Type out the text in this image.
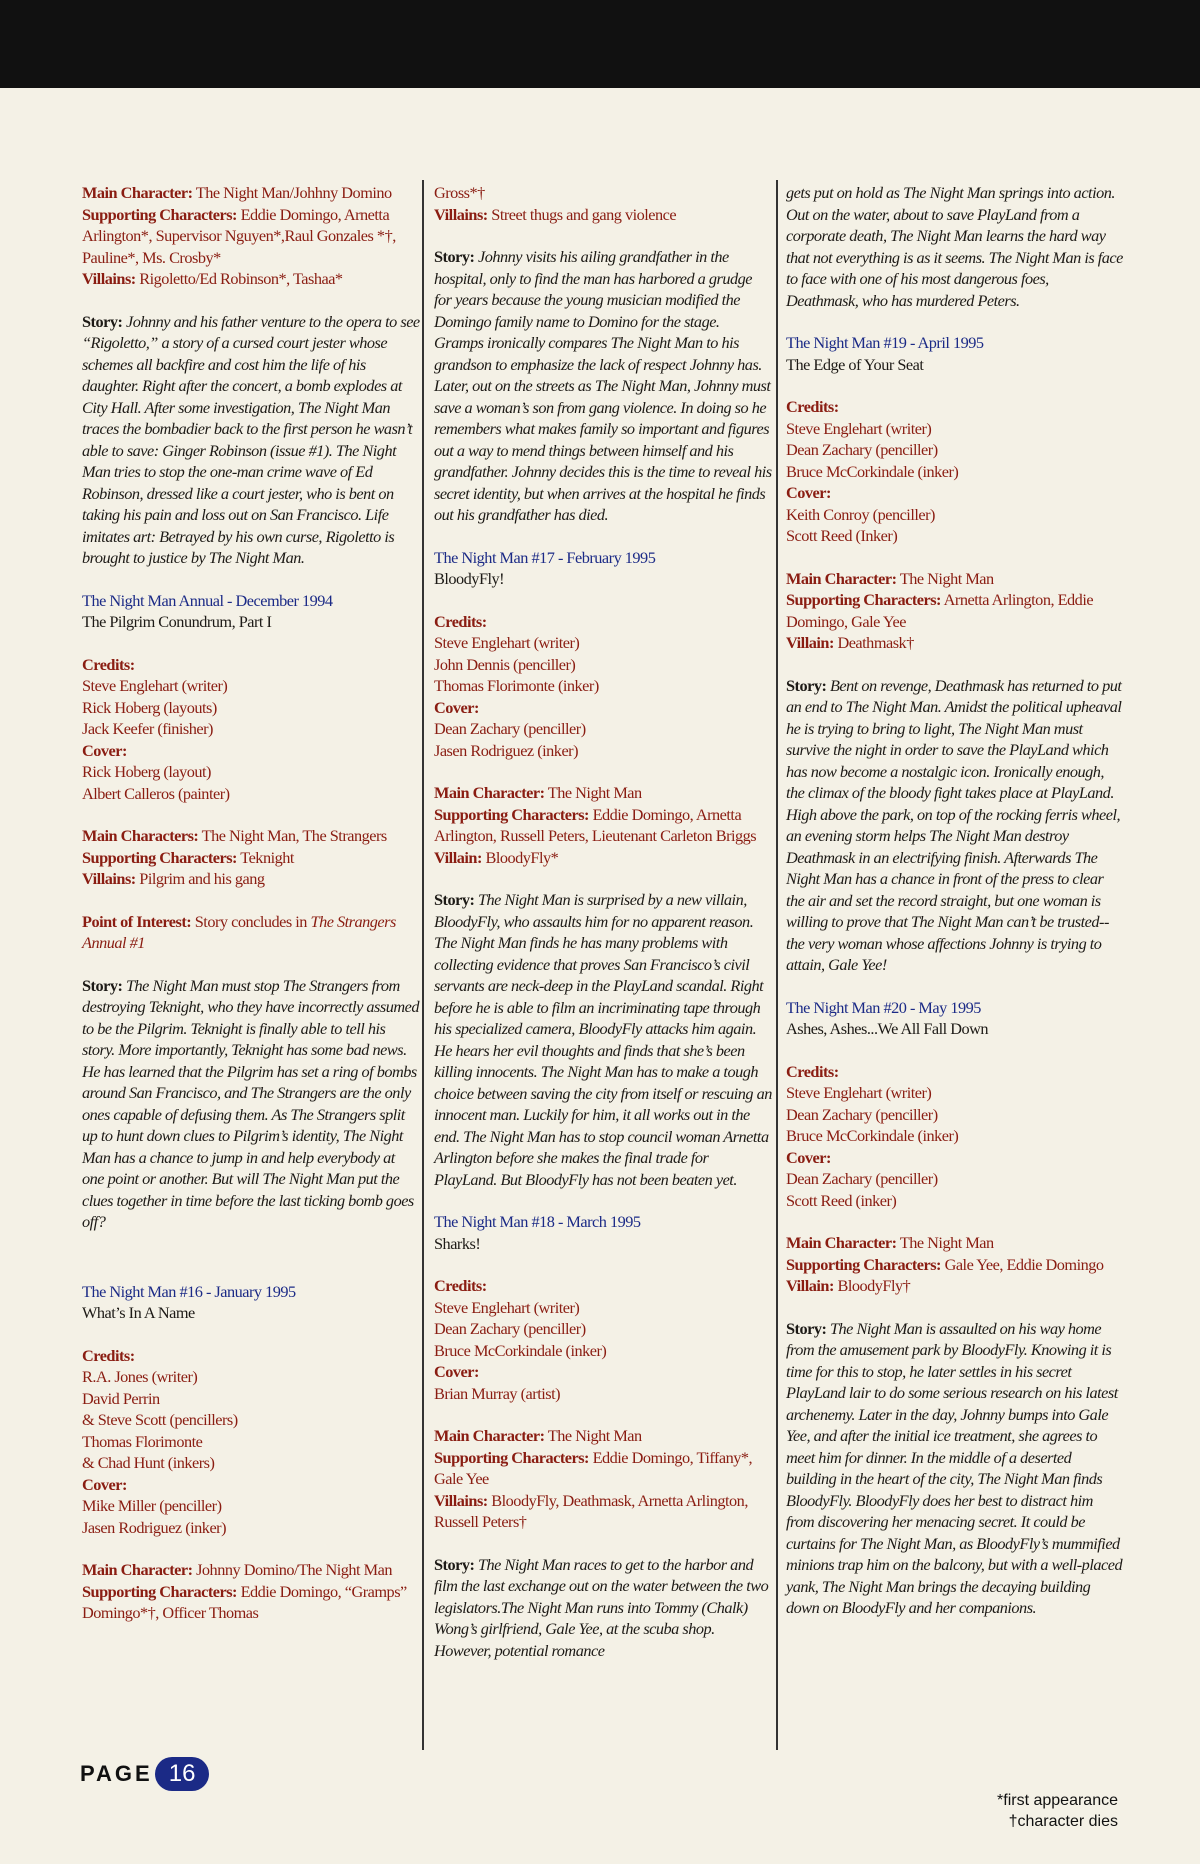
Main Character: The Night Man/Johhny Domino
Supporting Characters: Eddie Domingo, Arnetta Arlington*, Supervisor Nguyen*,Raul Gonzales *†, Pauline*, Ms. Crosby*
Villains: Rigoletto/Ed Robinson*, Tashaa*
Story: Johnny and his father venture to the opera to see “Rigoletto,” a story of a cursed court jester whose schemes all backfire and cost him the life of his daughter. Right after the concert, a bomb explodes at City Hall. After some investigation, The Night Man traces the bombadier back to the first person he wasn’t able to save: Ginger Robinson (issue #1). The Night Man tries to stop the one-man crime wave of Ed Robinson, dressed like a court jester, who is bent on taking his pain and loss out on San Francisco. Life imitates art: Betrayed by his own curse, Rigoletto is brought to justice by The Night Man.
The Night Man Annual - December 1994
The Pilgrim Conundrum, Part I
Credits:
Steve Englehart (writer)
Rick Hoberg (layouts)
Jack Keefer (finisher)
Cover:
Rick Hoberg (layout)
Albert Calleros (painter)
Main Characters: The Night Man, The Strangers
Supporting Characters: Teknight
Villains: Pilgrim and his gang
Point of Interest: Story concludes in The Strangers Annual #1
Story: The Night Man must stop The Strangers from destroying Teknight, who they have incorrectly assumed to be the Pilgrim. Teknight is finally able to tell his story. More importantly, Teknight has some bad news. He has learned that the Pilgrim has set a ring of bombs around San Francisco, and The Strangers are the only ones capable of defusing them. As The Strangers split up to hunt down clues to Pilgrim’s identity, The Night Man has a chance to jump in and help everybody at one point or another. But will The Night Man put the clues together in time before the last ticking bomb goes off?
The Night Man #16 - January 1995
What’s In A Name
Credits:
R.A. Jones (writer)
David Perrin
& Steve Scott (pencillers)
Thomas Florimonte
& Chad Hunt (inkers)
Cover:
Mike Miller (penciller)
Jasen Rodriguez (inker)
Main Character: Johnny Domino/The Night Man
Supporting Characters: Eddie Domingo, “Gramps” Domingo*†, Officer Thomas
Gross*†
Villains: Street thugs and gang violence
Story: Johnny visits his ailing grandfather in the hospital, only to find the man has harbored a grudge for years because the young musician modified the Domingo family name to Domino for the stage. Gramps ironically compares The Night Man to his grandson to emphasize the lack of respect Johnny has. Later, out on the streets as The Night Man, Johnny must save a woman’s son from gang violence. In doing so he remembers what makes family so important and figures out a way to mend things between himself and his grandfather. Johnny decides this is the time to reveal his secret identity, but when arrives at the hospital he finds out his grandfather has died.
The Night Man #17 - February 1995
BloodyFly!
Credits:
Steve Englehart (writer)
John Dennis (penciller)
Thomas Florimonte (inker)
Cover:
Dean Zachary (penciller)
Jasen Rodriguez (inker)
Main Character: The Night Man
Supporting Characters: Eddie Domingo, Arnetta Arlington, Russell Peters, Lieutenant Carleton Briggs
Villain: BloodyFly*
Story: The Night Man is surprised by a new villain, BloodyFly, who assaults him for no apparent reason. The Night Man finds he has many problems with collecting evidence that proves San Francisco’s civil servants are neck-deep in the PlayLand scandal. Right before he is able to film an incriminating tape through his specialized camera, BloodyFly attacks him again. He hears her evil thoughts and finds that she’s been killing innocents. The Night Man has to make a tough choice between saving the city from itself or rescuing an innocent man. Luckily for him, it all works out in the end. The Night Man has to stop council woman Arnetta Arlington before she makes the final trade for PlayLand. But BloodyFly has not been beaten yet.
The Night Man #18 - March 1995
Sharks!
Credits:
Steve Englehart (writer)
Dean Zachary (penciller)
Bruce McCorkindale (inker)
Cover:
Brian Murray (artist)
Main Character: The Night Man
Supporting Characters: Eddie Domingo, Tiffany*, Gale Yee
Villains: BloodyFly, Deathmask, Arnetta Arlington, Russell Peters†
Story: The Night Man races to get to the harbor and film the last exchange out on the water between the two legislators.The Night Man runs into Tommy (Chalk) Wong’s girlfriend, Gale Yee, at the scuba shop. However, potential romance
gets put on hold as The Night Man springs into action. Out on the water, about to save PlayLand from a corporate death, The Night Man learns the hard way that not everything is as it seems. The Night Man is face to face with one of his most dangerous foes, Deathmask, who has murdered Peters.
The Night Man #19 - April 1995
The Edge of Your Seat
Credits:
Steve Englehart (writer)
Dean Zachary (penciller)
Bruce McCorkindale (inker)
Cover:
Keith Conroy (penciller)
Scott Reed (Inker)
Main Character: The Night Man
Supporting Characters: Arnetta Arlington, Eddie Domingo, Gale Yee
Villain: Deathmask†
Story: Bent on revenge, Deathmask has returned to put an end to The Night Man. Amidst the political upheaval he is trying to bring to light, The Night Man must survive the night in order to save the PlayLand which has now become a nostalgic icon. Ironically enough, the climax of the bloody fight takes place at PlayLand. High above the park, on top of the rocking ferris wheel, an evening storm helps The Night Man destroy Deathmask in an electrifying finish. Afterwards The Night Man has a chance in front of the press to clear the air and set the record straight, but one woman is willing to prove that The Night Man can’t be trusted--the very woman whose affections Johnny is trying to attain, Gale Yee!
The Night Man #20 - May 1995
Ashes, Ashes...We All Fall Down
Credits:
Steve Englehart (writer)
Dean Zachary (penciller)
Bruce McCorkindale (inker)
Cover:
Dean Zachary (penciller)
Scott Reed (inker)
Main Character: The Night Man
Supporting Characters: Gale Yee, Eddie Domingo
Villain: BloodyFly†
Story: The Night Man is assaulted on his way home from the amusement park by BloodyFly. Knowing it is time for this to stop, he later settles in his secret PlayLand lair to do some serious research on his latest archenemy. Later in the day, Johnny bumps into Gale Yee, and after the initial ice treatment, she agrees to meet him for dinner. In the middle of a deserted building in the heart of the city, The Night Man finds BloodyFly. BloodyFly does her best to distract him from discovering her menacing secret. It could be curtains for The Night Man, as BloodyFly’s mummified minions trap him on the balcony, but with a well-placed yank, The Night Man brings the decaying building down on BloodyFly and her companions.
PAGE 16
*first appearance
†character dies
